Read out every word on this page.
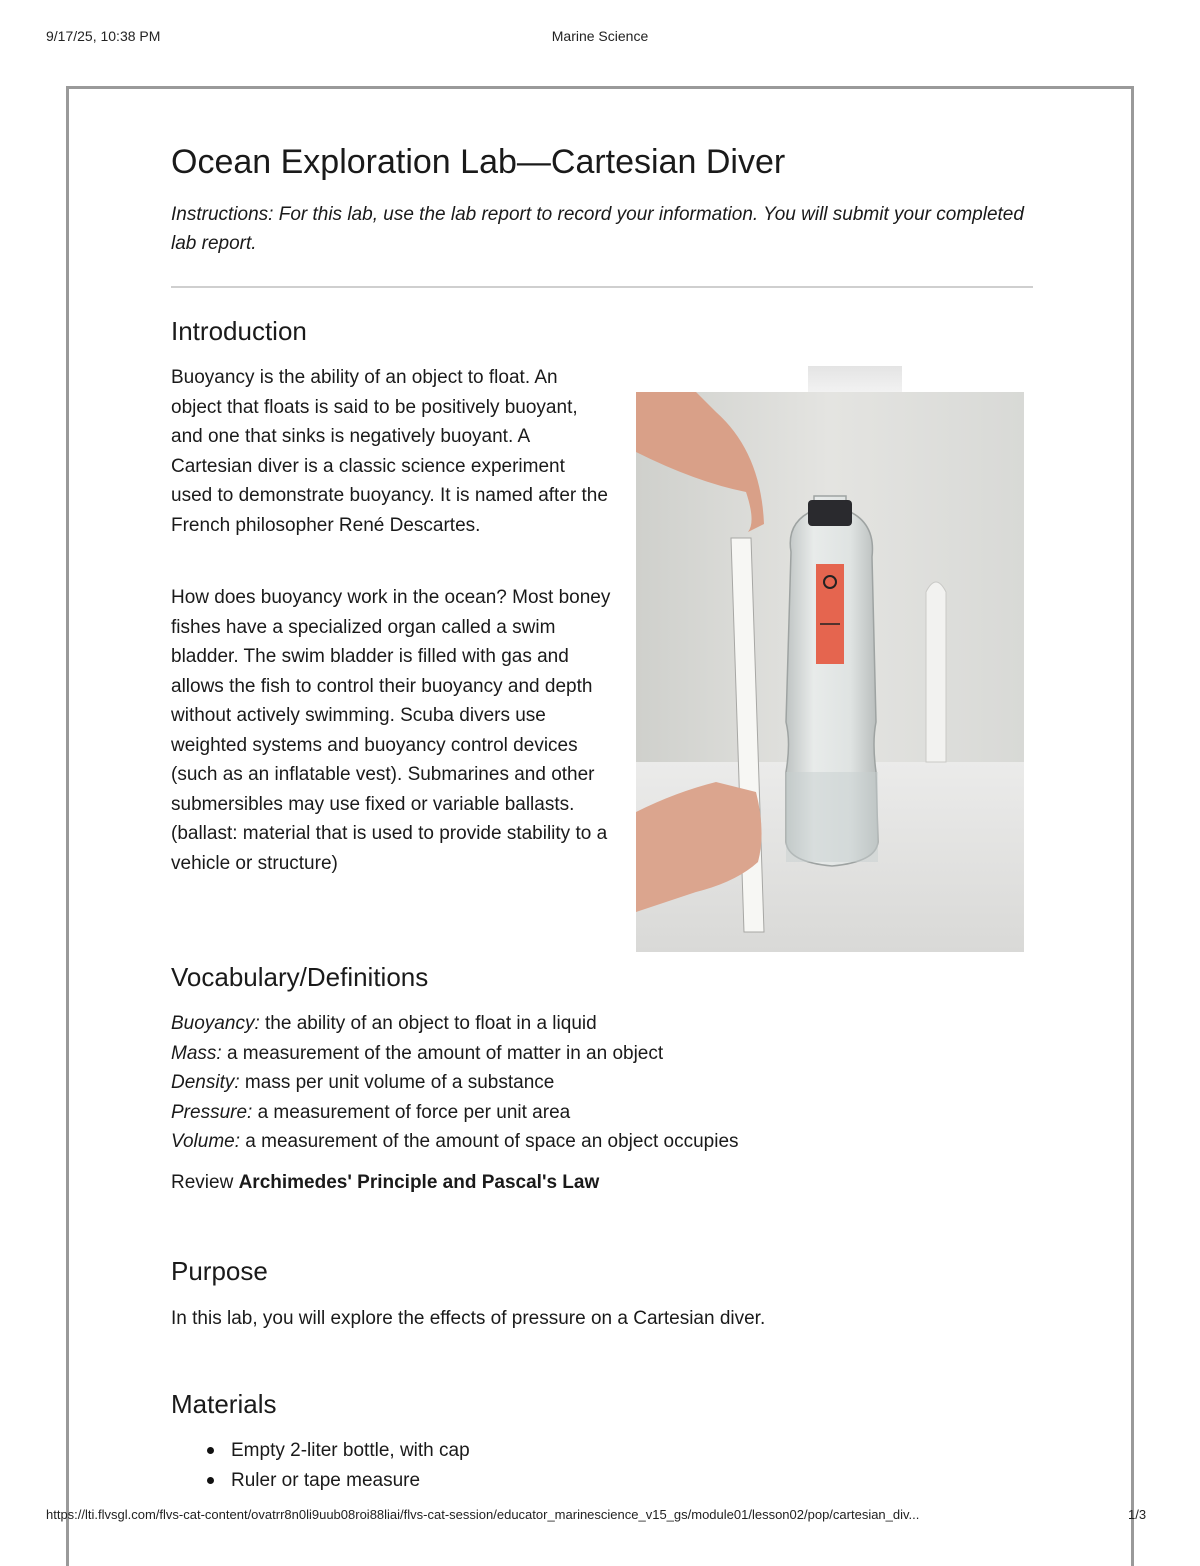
9/17/25, 10:38 PM	Marine Science
Ocean Exploration Lab—Cartesian Diver

Instructions: For this lab, use the lab report to record your information. You will submit your completed lab report.

Introduction

Buoyancy is the ability of an object to float. An object that floats is said to be positively buoyant, and one that sinks is negatively buoyant. A Cartesian diver is a classic science experiment used to demonstrate buoyancy. It is named after the French philosopher René Descartes.

How does buoyancy work in the ocean? Most boney fishes have a specialized organ called a swim bladder. The swim bladder is filled with gas and allows the fish to control their buoyancy and depth without actively swimming. Scuba divers use weighted systems and buoyancy control devices (such as an inflatable vest). Submarines and other submersibles may use fixed or variable ballasts. (ballast: material that is used to provide stability to a vehicle or structure)

Vocabulary/Definitions
Buoyancy: the ability of an object to float in a liquid
Mass: a measurement of the amount of matter in an object
Density: mass per unit volume of a substance
Pressure: a measurement of force per unit area
Volume: a measurement of the amount of space an object occupies
Review Archimedes' Principle and Pascal's Law
Purpose

In this lab, you will explore the effects of pressure on a Cartesian diver.

Materials
Empty 2-liter bottle, with cap
Ruler or tape measure
https://lti.flvsgl.com/flvs-cat-content/ovatrr8n0li9uub08roi88liai/flvs-cat-session/educator_marinescience_v15_gs/module01/lesson02/pop/cartesian_div...	1/3
